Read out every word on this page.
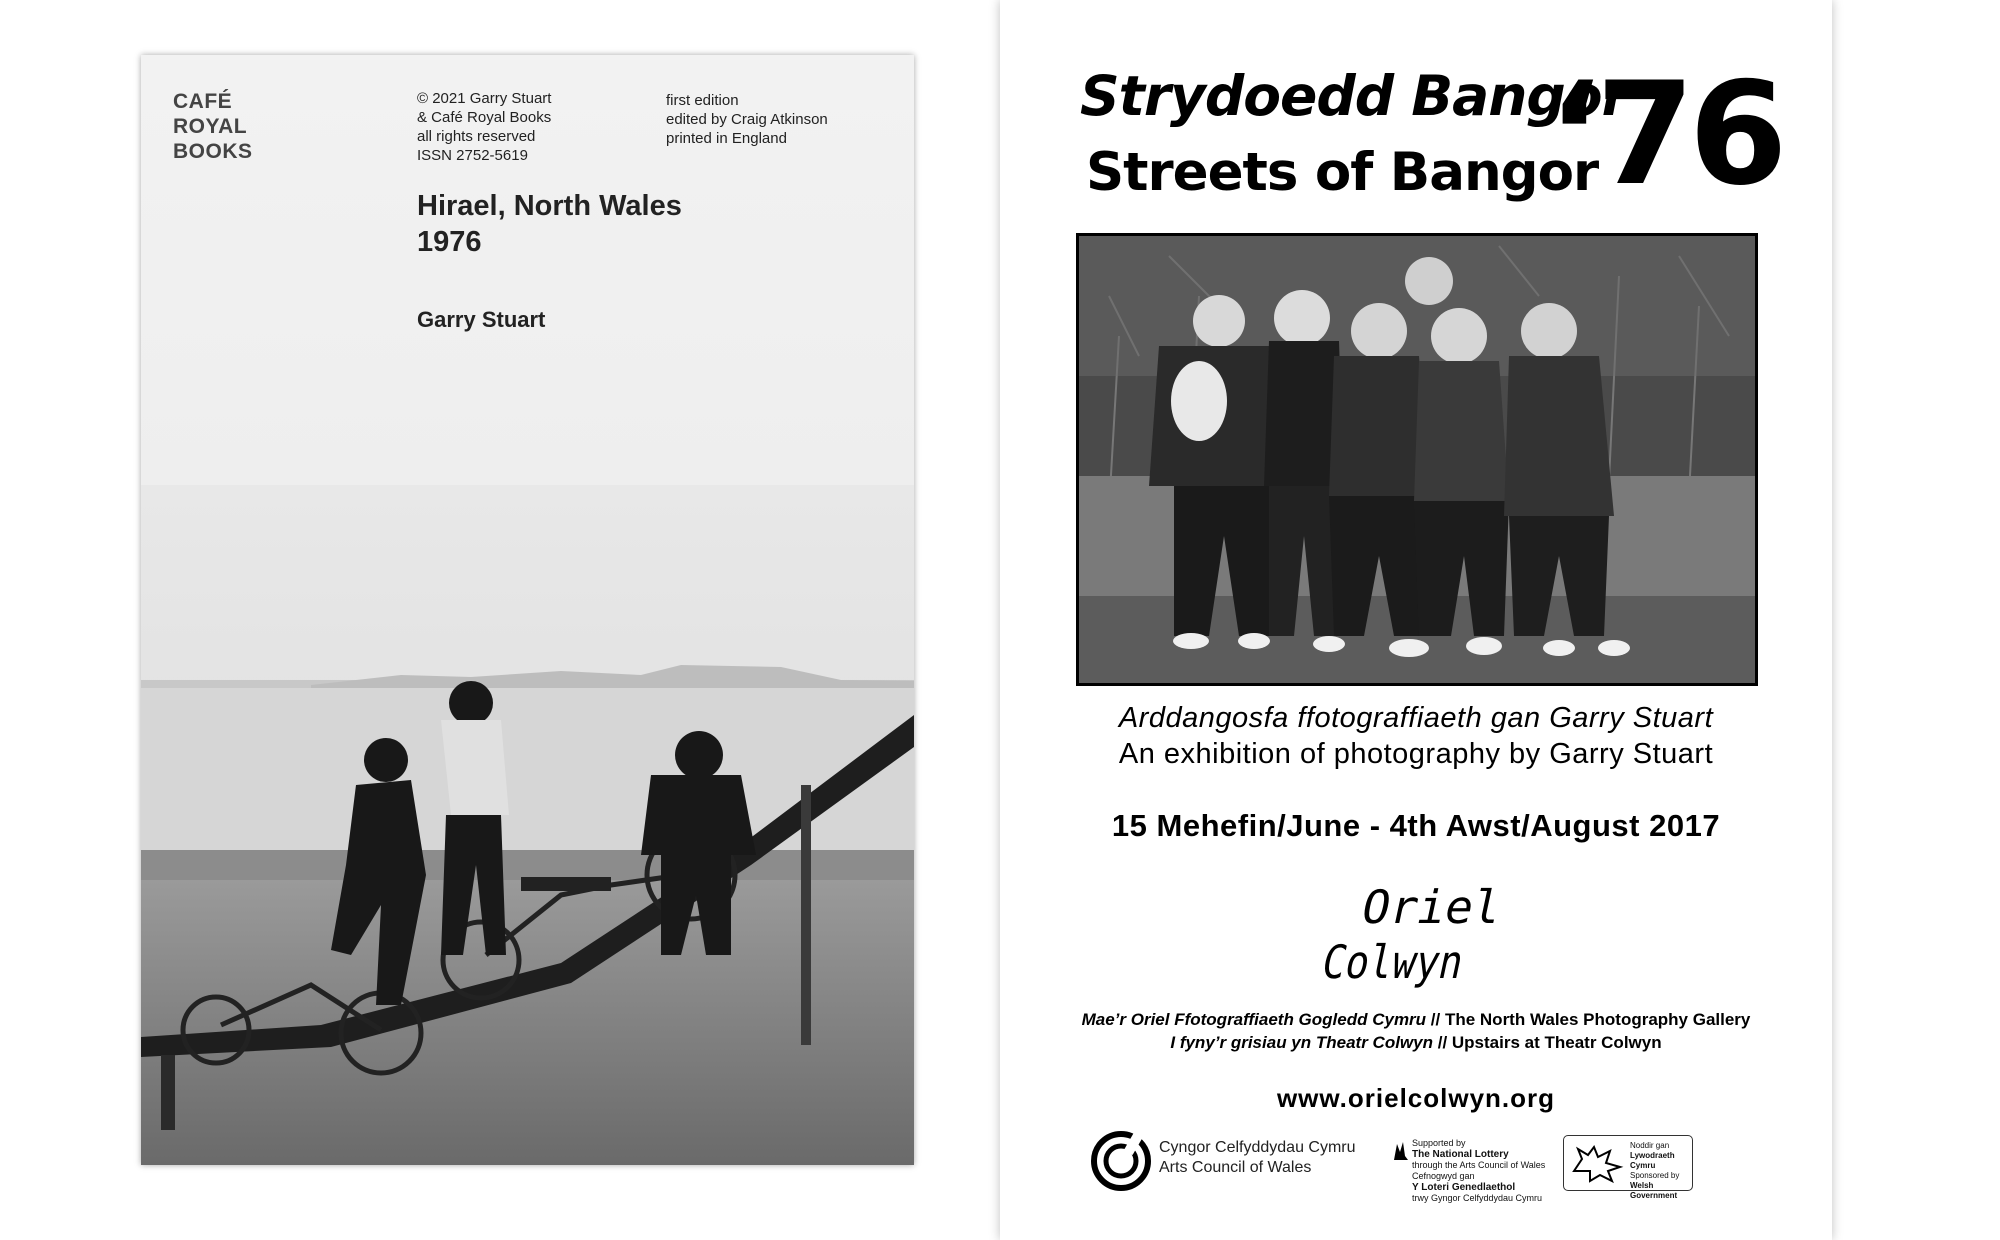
CAFÉ
ROYAL
BOOKS
© 2021 Garry Stuart
& Café Royal Books
all rights reserved
ISSN 2752-5619
first edition
edited by Craig Atkinson
printed in England
Hirael, North Wales
1976
Garry Stuart
Strydoedd Bangor
Streets of Bangor
‘76
Arddangosfa ffotograffiaeth gan Garry Stuart
An exhibition of photography by Garry Stuart
15 Mehefin/June - 4th Awst/August 2017
Oriel
Colwyn
Mae’r Oriel Ffotograffiaeth Gogledd Cymru // The North Wales Photography Gallery
I fyny’r grisiau yn Theatr Colwyn // Upstairs at Theatr Colwyn
www.orielcolwyn.org
Cyngor Celfyddydau Cymru
Arts Council of Wales
Supported by
The National Lottery
through the Arts Council of Wales
Cefnogwyd gan
Y Loteri Genedlaethol
trwy Gyngor Celfyddydau Cymru
Noddir gan
Lywodraeth Cymru
Sponsored by
Welsh Government
